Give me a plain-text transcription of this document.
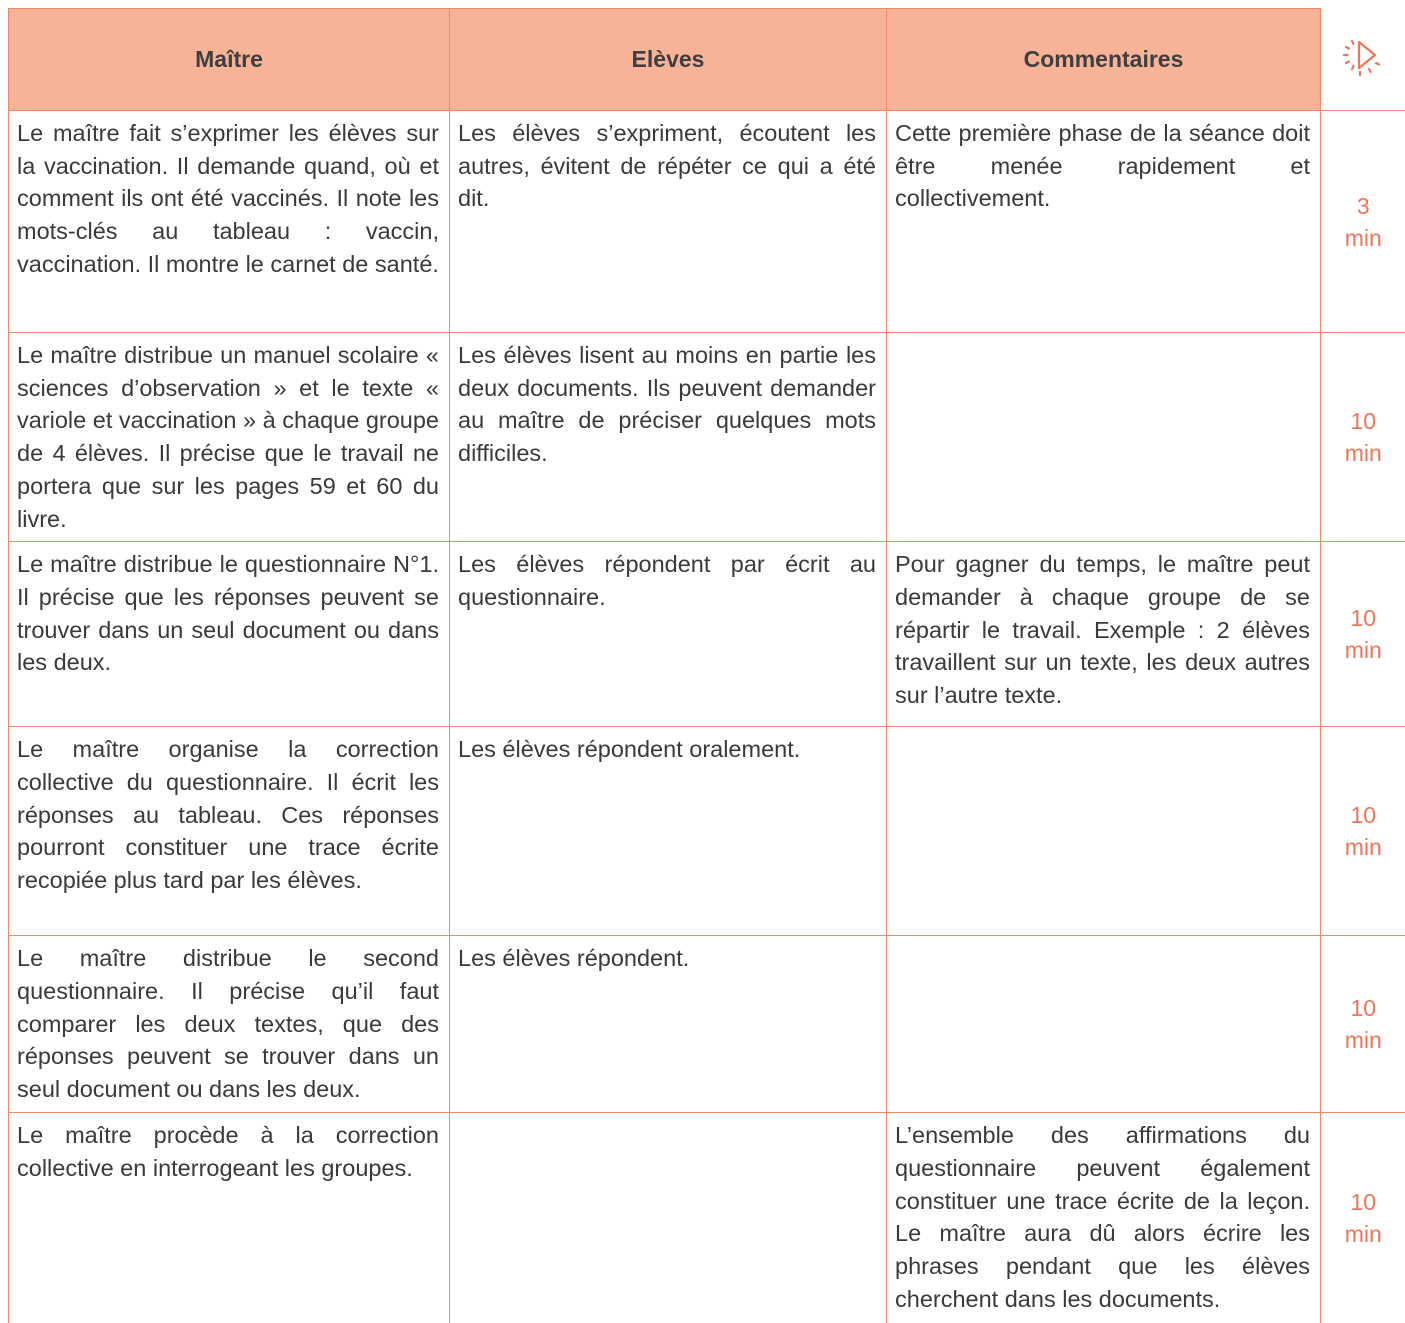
Maître	Elèves	Commentaires	

Le maître fait s’exprimer les élèves sur la vaccination. Il demande quand, où et comment ils ont été vaccinés. Il note les mots-clés au tableau : vaccin, vaccination. Il montre le carnet de santé.	Les élèves s’expriment, écoutent les autres, évitent de répéter ce qui a été dit.	Cette première phase de la séance doit être menée rapidement et collectivement.	3
min

Le maître distribue un manuel scolaire « sciences d’observation » et le texte « variole et vaccination » à chaque groupe de 4 élèves. Il précise que le travail ne portera que sur les pages 59 et 60 du livre.	Les élèves lisent au moins en partie les deux documents. Ils peuvent demander au maître de préciser quelques mots difficiles.		10
min

Le maître distribue le questionnaire N°1. Il précise que les réponses peuvent se trouver dans un seul document ou dans les deux.	Les élèves répondent par écrit au questionnaire.	Pour gagner du temps, le maître peut demander à chaque groupe de se répartir le travail. Exemple : 2 élèves travaillent sur un texte, les deux autres sur l’autre texte.	10
min

Le maître organise la correction collective du questionnaire. Il écrit les réponses au tableau. Ces réponses pourront constituer une trace écrite recopiée plus tard par les élèves.	Les élèves répondent oralement.		10
min

Le maître distribue le second questionnaire. Il précise qu’il faut comparer les deux textes, que des réponses peuvent se trouver dans un seul document ou dans les deux.	Les élèves répondent.		10
min

Le maître procède à la correction collective en interrogeant les groupes.		L’ensemble des affirmations du questionnaire peuvent également constituer une trace écrite de la leçon. Le maître aura dû alors écrire les phrases pendant que les élèves cherchent dans les documents.	10
min
